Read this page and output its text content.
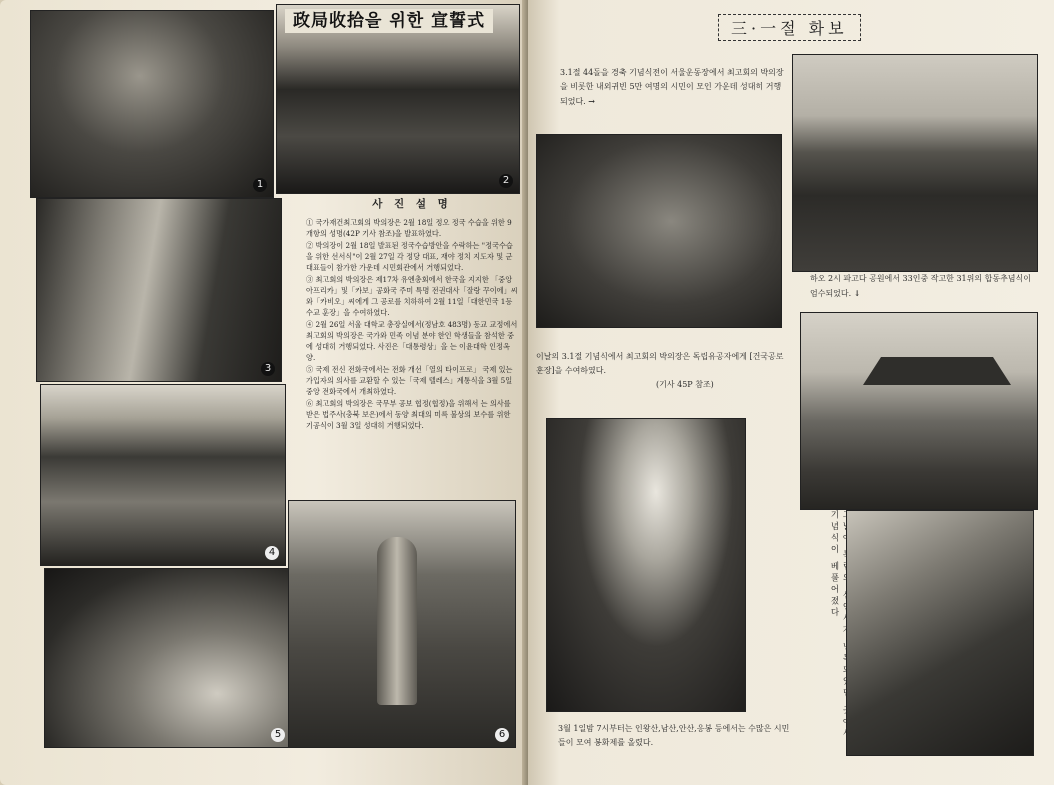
1
政局收拾을 위한 宣誓式
2
3
4
5	6
사 진 설 명
① 국가재건최고회의 박의장은 2월 18일 정오 정국 수습을 위한 9개항의 성명(42P 기사 참조)을 발표하였다.
② 박의장이 2월 18일 발표된 정국수습방안을 수락하는 "정국수습을 위한 선서식"이 2월 27일 각 정당 대표, 재야 정치 지도자 및 군 대표들이 참가한 가운데 시민회관에서 거행되었다.
③ 최고회의 박의장은 제17차 유엔총회에서 한국을 지지한 「중앙 아프리카」및「카보」공화국 주미 특명 전권대사「잘랑 꾸이에」씨와「카비오」씨에게 그 공로를 치하하여 2월 11일「대한민국 1등 수교 훈장」을 수여하였다.
④ 2월 26일 서울 대학교 총장실에서(정남호 483명) 동교 교정에서 최고회의 박의장은 국가와 민족 이념 분야 한인 학생들을 참석한 중에 성대히 거행되었다. 사진은「대통령상」을 는 이윤대학 인정옥양.
⑤ 국제 전신 전화국에서는 전화 개선「열의 타이프로」 국제 있는 가입자의 의사를 교환할 수 있는「국제 텔레스」계통식을 3월 5일 중앙 전화국에서 개최하였다.
⑥ 최고회의 박의장은 국무부 공보 협정(협정)을 위해서 는 의사를 받은 법주사(충북 보은)에서 동양 최대의 미륵 불상의 보수를 위한 기공식이 3월 3일 성대히 거행되었다.
三·一절 화보
3.1절 44돌을 경축 기념식전이 서울운동장에서 최고회의 박의장을 비롯한 내외귀빈 5만 여명의 시민이 모인 가운데 성대히 거행되었다. →
하오 2시 파고다 공원에서 33인중 작고한 31위의 합동추념식이 엄수되었다. ↓
이날의 3.1절 기념식에서 최고회의 박의장은 독립유공자에게 [건국공로훈장]을 수여하였다.
(기사 45P 참조)
기념식이 베풀어졌다
3월 1일밤 7시부터는 인왕산,남산,안산,응봉 등에서는 수많은 시민들이 모여 봉화제를 올렸다.
